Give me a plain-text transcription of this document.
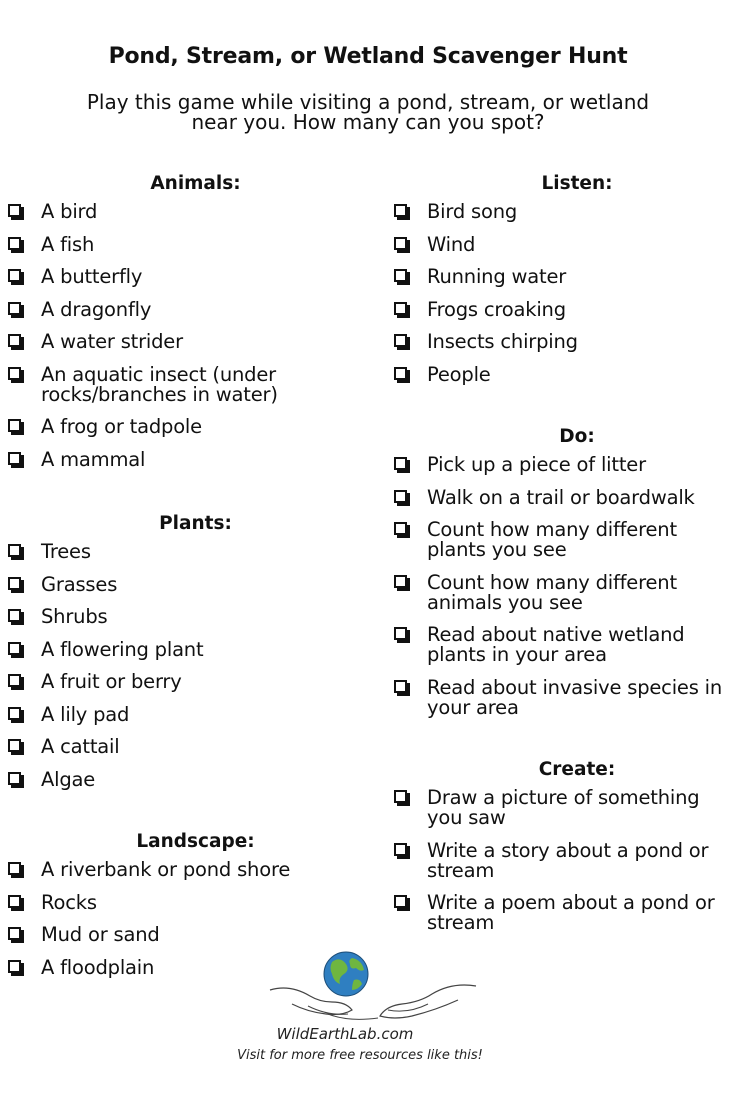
Pond, Stream, or Wetland Scavenger Hunt
Play this game while visiting a pond, stream, or wetland
near you. How many can you spot?
Animals:
A bird
A fish
A butterfly
A dragonfly
A water strider
An aquatic insect (under rocks/branches in water)
A frog or tadpole
A mammal
Plants:
Trees
Grasses
Shrubs
A flowering plant
A fruit or berry
A lily pad
A cattail
Algae
Landscape:
A riverbank or pond shore
Rocks
Mud or sand
A floodplain
Listen:
Bird song
Wind
Running water
Frogs croaking
Insects chirping
People
Do:
Pick up a piece of litter
Walk on a trail or boardwalk
Count how many different plants you see
Count how many different animals you see
Read about native wetland plants in your area
Read about invasive species in your area
Create:
Draw a picture of something you saw
Write a story about a pond or stream
Write a poem about a pond or stream
WildEarthLab.com
Visit for more free resources like this!
